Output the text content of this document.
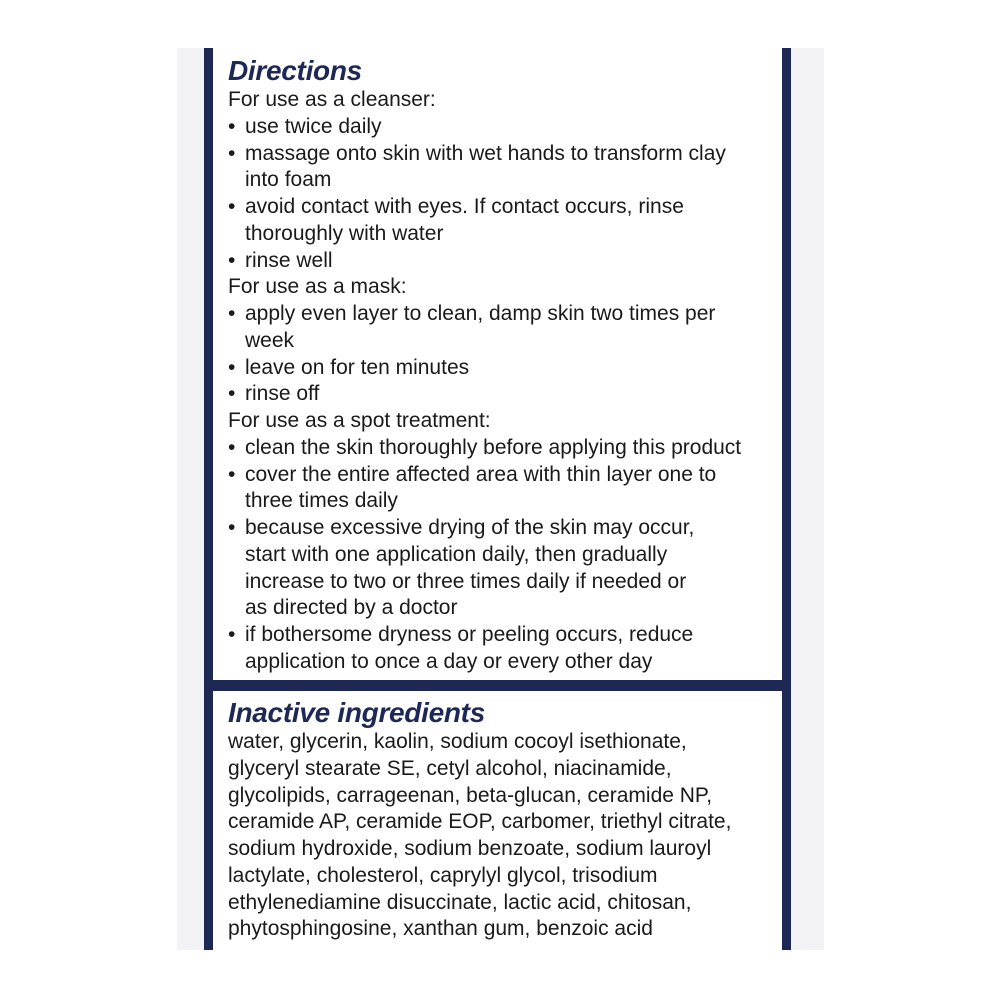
Directions
For use as a cleanser:
• use twice daily
• massage onto skin with wet hands to transform clay
into foam
• avoid contact with eyes. If contact occurs, rinse
thoroughly with water
• rinse well
For use as a mask:
• apply even layer to clean, damp skin two times per
week
• leave on for ten minutes
• rinse off
For use as a spot treatment:
• clean the skin thoroughly before applying this product
• cover the entire affected area with thin layer one to
three times daily
• because excessive drying of the skin may occur,
start with one application daily, then gradually
increase to two or three times daily if needed or
as directed by a doctor
• if bothersome dryness or peeling occurs, reduce
application to once a day or every other day
Inactive ingredients
water, glycerin, kaolin, sodium cocoyl isethionate,
glyceryl stearate SE, cetyl alcohol, niacinamide,
glycolipids, carrageenan, beta-glucan, ceramide NP,
ceramide AP, ceramide EOP, carbomer, triethyl citrate,
sodium hydroxide, sodium benzoate, sodium lauroyl
lactylate, cholesterol, caprylyl glycol, trisodium
ethylenediamine disuccinate, lactic acid, chitosan,
phytosphingosine, xanthan gum, benzoic acid
